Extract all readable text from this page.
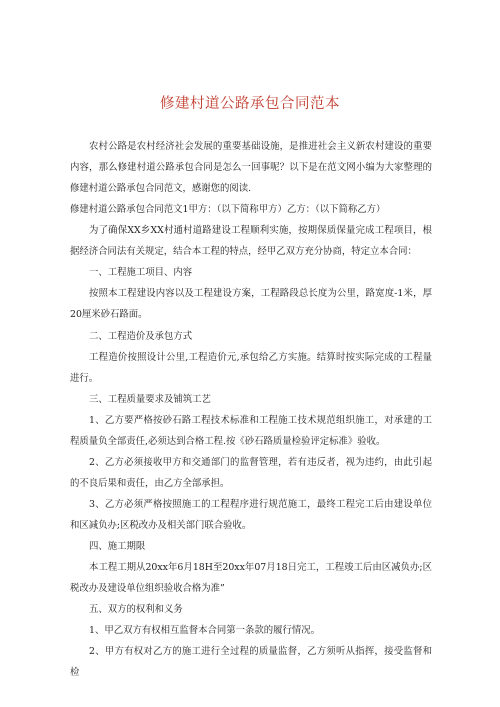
修建村道公路承包合同范本

农村公路是农村经济社会发展的重要基础设施，是推进社会主义新农村建设的重要内容，那么修建村道公路承包合同是怎么一回事呢？以下是在范文网小编为大家整理的修建村道公路承包合同范文，感谢您的阅读.

修建村道公路承包合同范文1甲方：（以下简称甲方）乙方：（以下简称乙方）

为了确保XX乡XX村通村道路建设工程顺利实施，按期保质保量完成工程项目，根据经济合同法有关规定，结合本工程的特点，经甲乙双方充分协商，特定立本合同：

一、工程施工项目、内容

按照本工程建设内容以及工程建设方案，工程路段总长度为公里，路宽度-1米，厚20厘米砂石路面。

二、工程造价及承包方式

工程造价按照设计公里,工程造价元,承包给乙方实施。结算时按实际完成的工程量进行。

三、工程质量要求及铺筑工艺

1、乙方要严格按砂石路工程技术标准和工程施工技术规范组织施工，对承建的工程质量负全部责任,必须达到合格工程.按《砂石路质量检验评定标准》验收。

2、乙方必须接收甲方和交通部门的监督管理，若有违反者，视为违约，由此引起的不良后果和责任，由乙方全部承担。

3、乙方必须严格按照施工的工程程序进行规范施工，最终工程完工后由建设单位和区减负办;区税改办及相关部门联合验收。

四、施工期限

本工程工期从20xx年6月18H至20xx年07月18日完工，工程竣工后由区减负办;区税改办及建设单位组织验收合格为准”

五、双方的权利和义务

1、甲乙双方有权相互监督本合同第一条款的履行情况。

2、甲方有权对乙方的施工进行全过程的质量监督，乙方须听从指挥，接受监督和检
